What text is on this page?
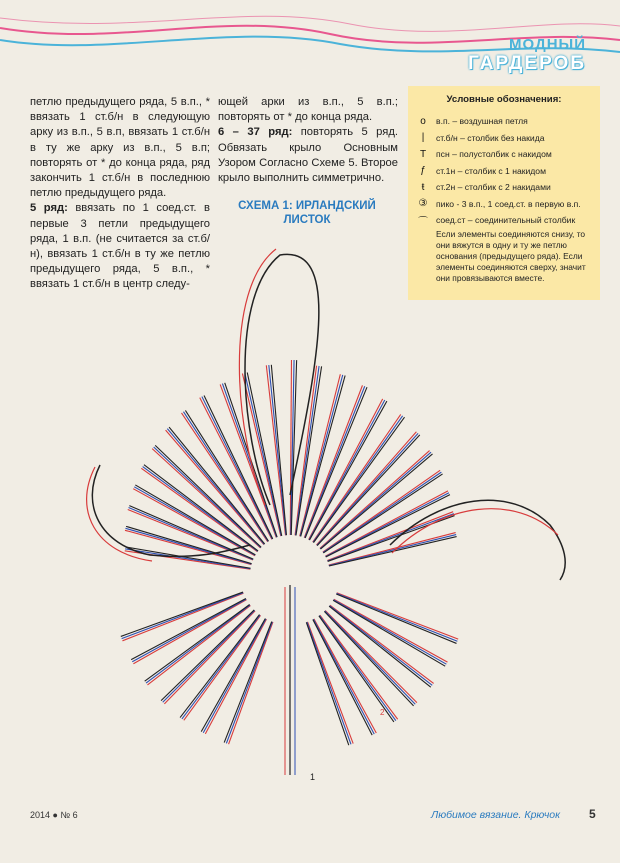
МОДНЫЙ
ГАРДЕРОБ

петлю предыдущего ряда, 5 в.п., * ввязать 1 ст.б/н в следующую арку из в.п., 5 в.п, ввязать 1 ст.б/н в ту же арку из в.п., 5 в.п; повторять от * до конца ряда, ряд закончить 1 ст.б/н в последнюю петлю предыдущего ряда.

5 ряд: ввязать по 1 соед.ст. в первые 3 петли предыдущего ряда, 1 в.п. (не считается за ст.б/н), ввязать 1 ст.б/н в ту же петлю предыдущего ряда, 5 в.п., * ввязать 1 ст.б/н в центр следу-

ющей арки из в.п., 5 в.п.; повторять от * до конца ряда.

6 – 37 ряд: повторять 5 ряд. Обвязать крыло Основным Узором Согласно Схеме 5. Второе крыло выполнить симметрично.

СХЕМА 1: ИРЛАНДСКИЙ ЛИСТОК
Условные обозначения:
o	в.п. – воздушная петля
|	ст.б/н – столбик без накида
T	псн – полустолбик с накидом
ƒ	ст.1н – столбик с 1 накидом
ŧ	ст.2н – столбик с 2 накидами
③ пико - 3 в.п., 1 соед.ст. в первую в.п.
⌒ соед.ст – соединительный столбик
Если элементы соединяются снизу, то они вяжутся в одну и ту же петлю основания (предыдущего ряда). Если элементы соединяются сверху, значит они провязываются вместе.
1
2
2014 ● № 6	Любимое вязание. Крючок 5
